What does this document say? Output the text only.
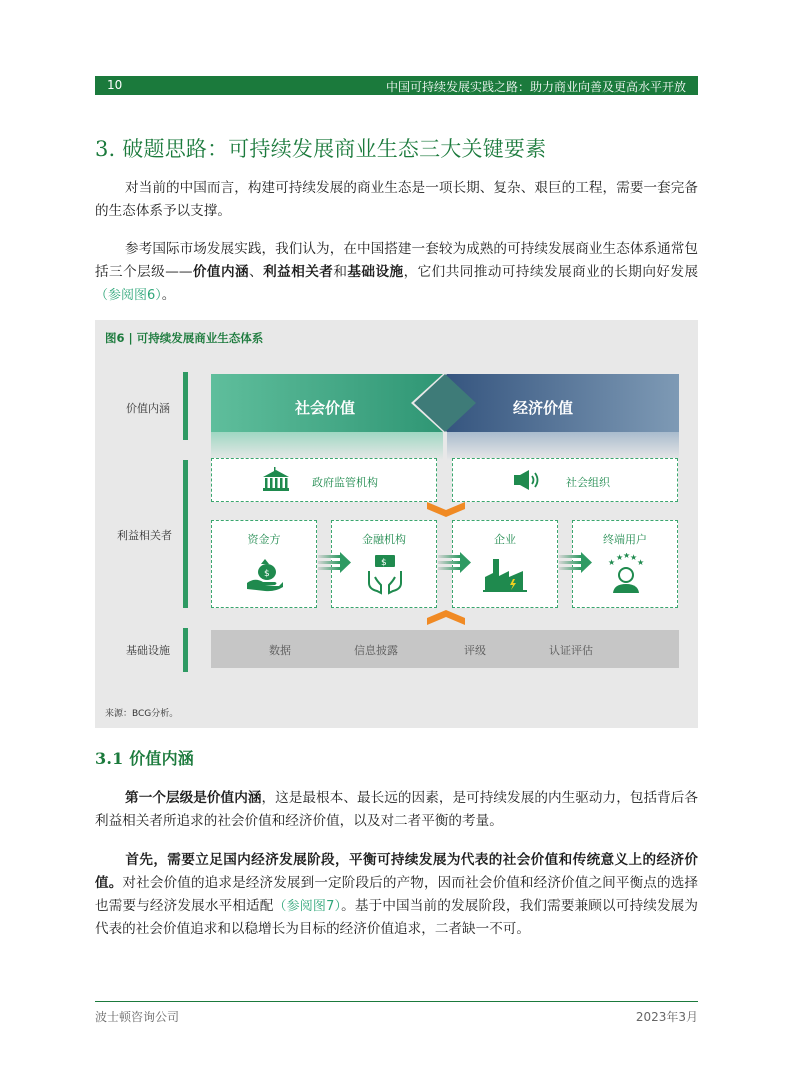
10	中国可持续发展实践之路：助力商业向善及更高水平开放
3. 破题思路：可持续发展商业生态三大关键要素
对当前的中国而言，构建可持续发展的商业生态是一项长期、复杂、艰巨的工程，需要一套完备的生态体系予以支撑。
参考国际市场发展实践，我们认为，在中国搭建一套较为成熟的可持续发展商业生态体系通常包括三个层级——价值内涵、利益相关者和基础设施，它们共同推动可持续发展商业的长期向好发展（参阅图6）。
图6 | 可持续发展商业生态体系
价值内涵
利益相关者
基础设施
社会价值	经济价值
政府监管机构	社会组织
资金方
$
金融机构
$
企业	终端用户
★
★ ★ ★
★
数据	信息披露	评级	认证评估
来源：BCG分析。
3.1 价值内涵
第一个层级是价值内涵，这是最根本、最长远的因素，是可持续发展的内生驱动力，包括背后各利益相关者所追求的社会价值和经济价值，以及对二者平衡的考量。
首先，需要立足国内经济发展阶段，平衡可持续发展为代表的社会价值和传统意义上的经济价值。对社会价值的追求是经济发展到一定阶段后的产物，因而社会价值和经济价值之间平衡点的选择也需要与经济发展水平相适配（参阅图7）。基于中国当前的发展阶段，我们需要兼顾以可持续发展为代表的社会价值追求和以稳增长为目标的经济价值追求，二者缺一不可。
波士顿咨询公司	2023年3月
